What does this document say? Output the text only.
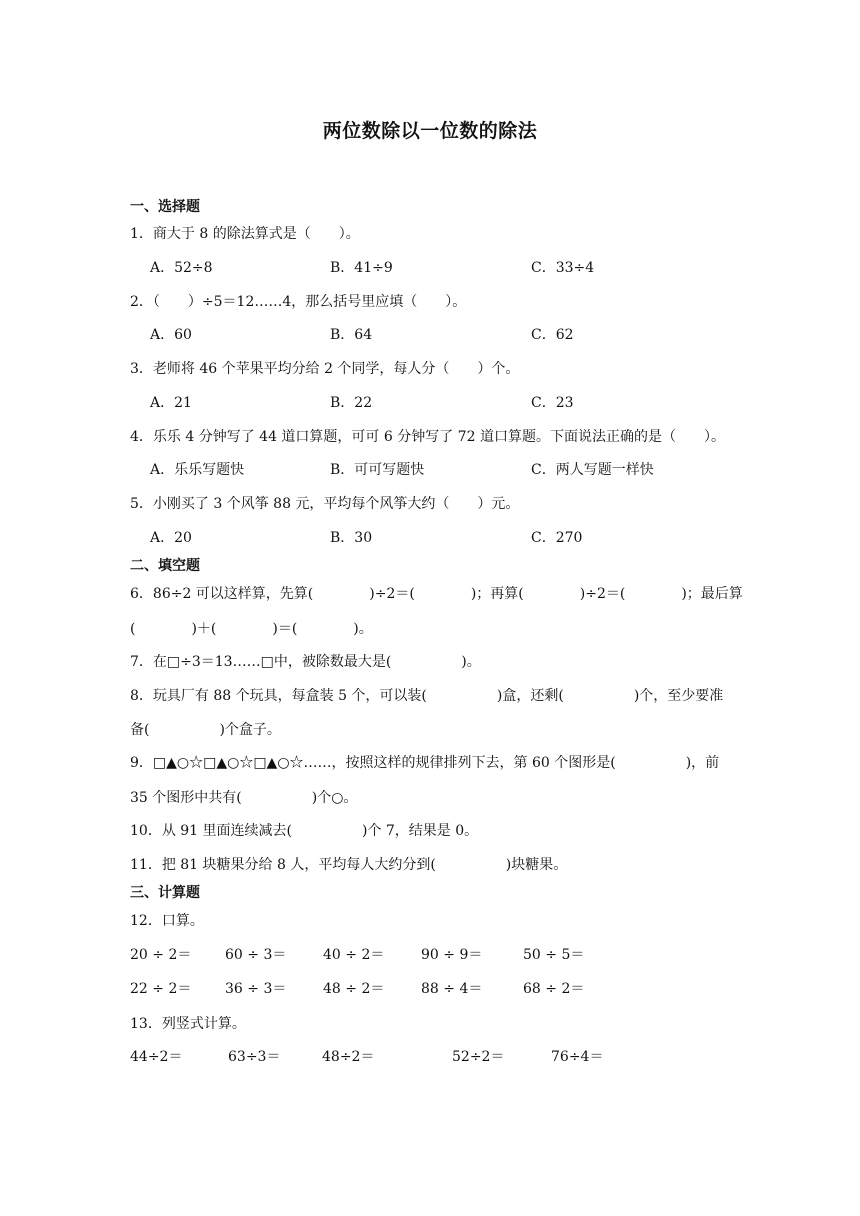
两位数除以一位数的除法
一、选择题
1．商大于 8 的除法算式是（　　）。
A．52÷8	B．41÷9	C．33÷4
2．（　　）÷5＝12……4，那么括号里应填（　　）。
A．60	B．64	C．62
3．老师将 46 个苹果平均分给 2 个同学，每人分（　　）个。
A．21	B．22	C．23
4．乐乐 4 分钟写了 44 道口算题，可可 6 分钟写了 72 道口算题。下面说法正确的是（　　）。
A．乐乐写题快	B．可可写题快	C．两人写题一样快
5．小刚买了 3 个风筝 88 元，平均每个风筝大约（　　）元。
A．20	B．30	C．270
二、填空题
6．86÷2 可以这样算，先算(　　　　)÷2＝(　　　　)；再算(　　　　)÷2＝(　　　　)；最后算
(　　　　)＋(　　　　)＝(　　　　)。
7．在□÷3＝13……□中，被除数最大是(　　　　　)。
8．玩具厂有 88 个玩具，每盒装 5 个，可以装(　　　　　)盒，还剩(　　　　　)个，至少要准
备(　　　　　)个盒子。
9．□▲○☆□▲○☆□▲○☆……，按照这样的规律排列下去，第 60 个图形是(　　　　　)，前
35 个图形中共有(　　　　　)个○。
10．从 91 里面连续减去(　　　　　)个 7，结果是 0。
11．把 81 块糖果分给 8 人，平均每人大约分到(　　　　　)块糖果。
三、计算题
12．口算。
20 ÷ 2＝ 60 ÷ 3＝	40 ÷ 2＝	90 ÷ 9＝	50 ÷ 5＝
22 ÷ 2＝ 36 ÷ 3＝	48 ÷ 2＝	88 ÷ 4＝	68 ÷ 2＝
13．列竖式计算。
44÷2＝	63÷3＝	48÷2＝	52÷2＝	76÷4＝
